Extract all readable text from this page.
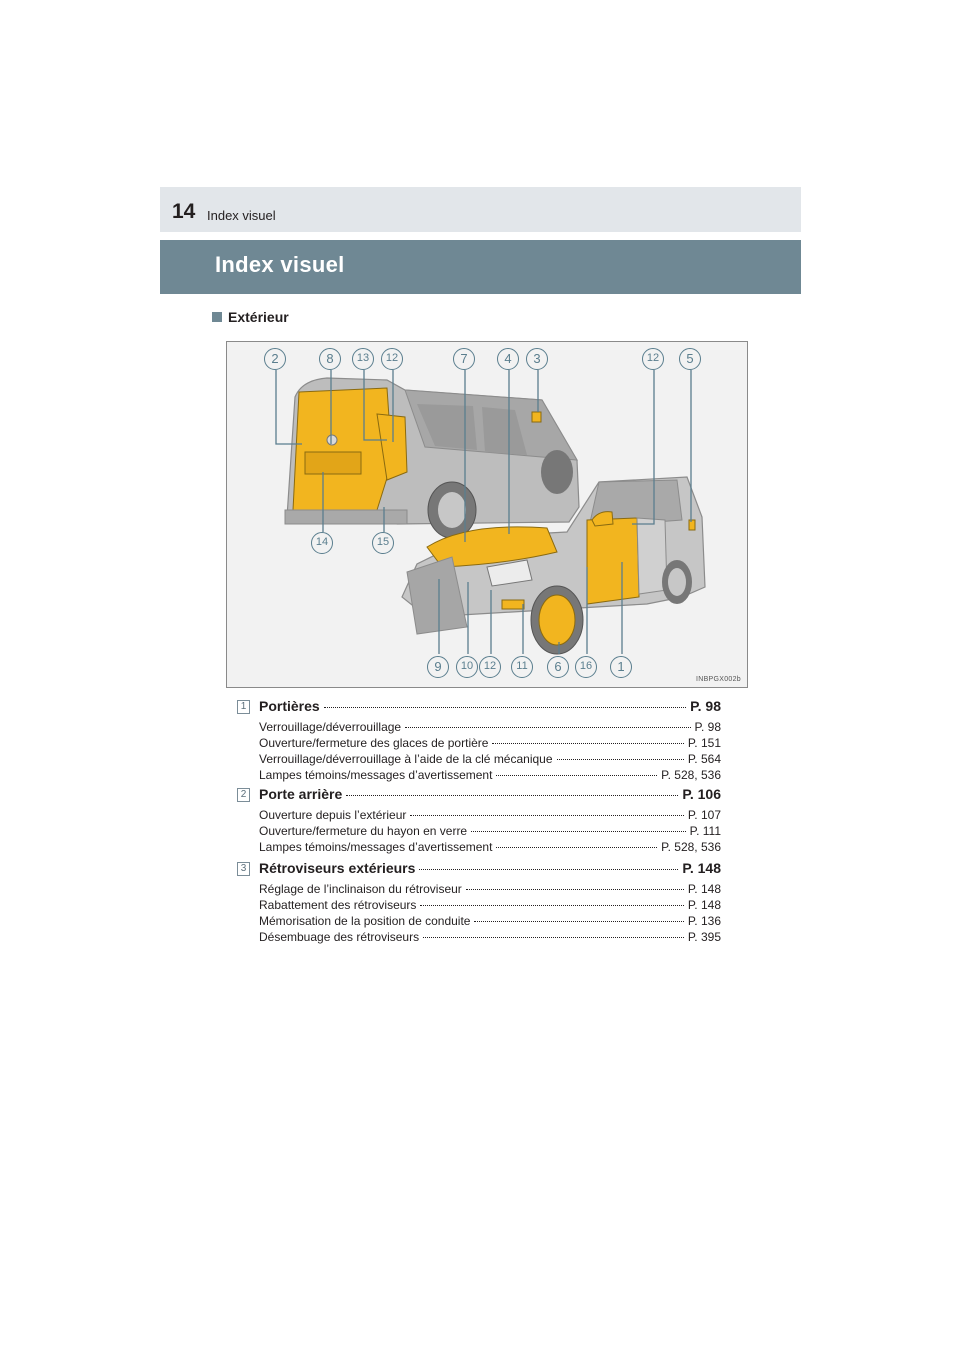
14 Index visuel
Index visuel
Extérieur
2	8	13	12	7	4	3	12	5
14	15
9	10 12	11	6	16	1
INBPGX002b
1 Portières	P. 98
Verrouillage/déverrouillage	P. 98
Ouverture/fermeture des glaces de portière	P. 151
Verrouillage/déverrouillage à l’aide de la clé mécanique	P. 564
Lampes témoins/messages d’avertissement	P. 528, 536
2 Porte arrière	P. 106
Ouverture depuis l’extérieur	P. 107
Ouverture/fermeture du hayon en verre	P. 111
Lampes témoins/messages d’avertissement	P. 528, 536
3 Rétroviseurs extérieurs	P. 148
Réglage de l’inclinaison du rétroviseur	P. 148
Rabattement des rétroviseurs	P. 148
Mémorisation de la position de conduite	P. 136
Désembuage des rétroviseurs	P. 395
